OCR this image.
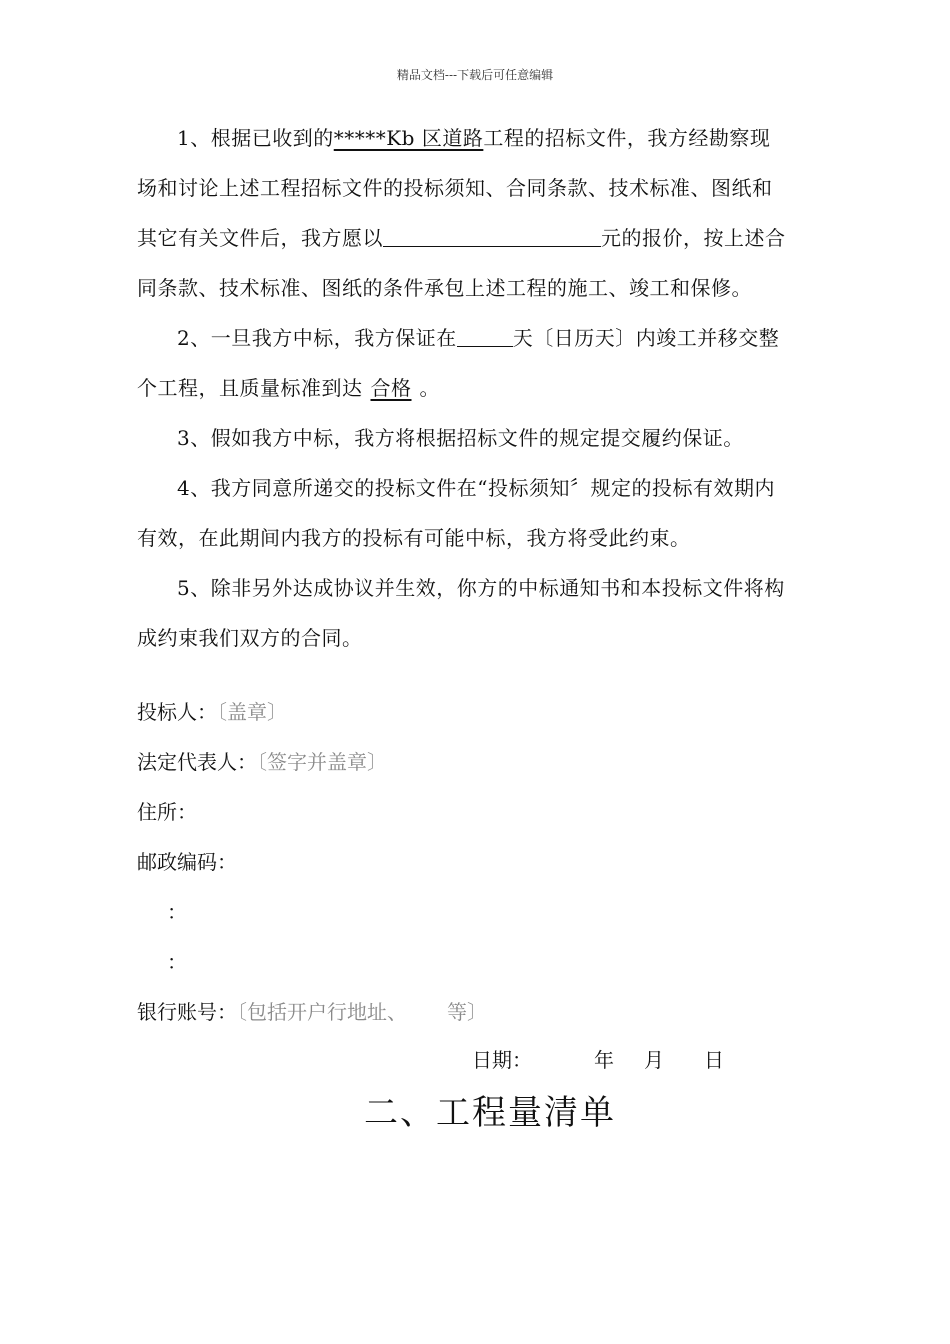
精品文档---下载后可任意编辑
1、根据已收到的*****Kb 区道路工程的招标文件，我方经勘察现
场和讨论上述工程招标文件的投标须知、合同条款、技术标准、图纸和
其它有关文件后，我方愿以	元的报价，按上述合
同条款、技术标准、图纸的条件承包上述工程的施工、竣工和保修。
2、一旦我方中标，我方保证在	天〔日历天〕内竣工并移交整
个工程，且质量标准到达 合格 。
3、假如我方中标，我方将根据招标文件的规定提交履约保证。
4、我方同意所递交的投标文件在“投标须知〞规定的投标有效期内
有效，在此期间内我方的投标有可能中标，我方将受此约束。
5、除非另外达成协议并生效，你方的中标通知书和本投标文件将构
成约束我们双方的合同。
投标人：〔盖章〕
法定代表人：〔签字并盖章〕
住所：
邮政编码：
：
：
银行账号：〔包括开户行地址、 等〕
日期：	年 月 日
二、工程量清单
